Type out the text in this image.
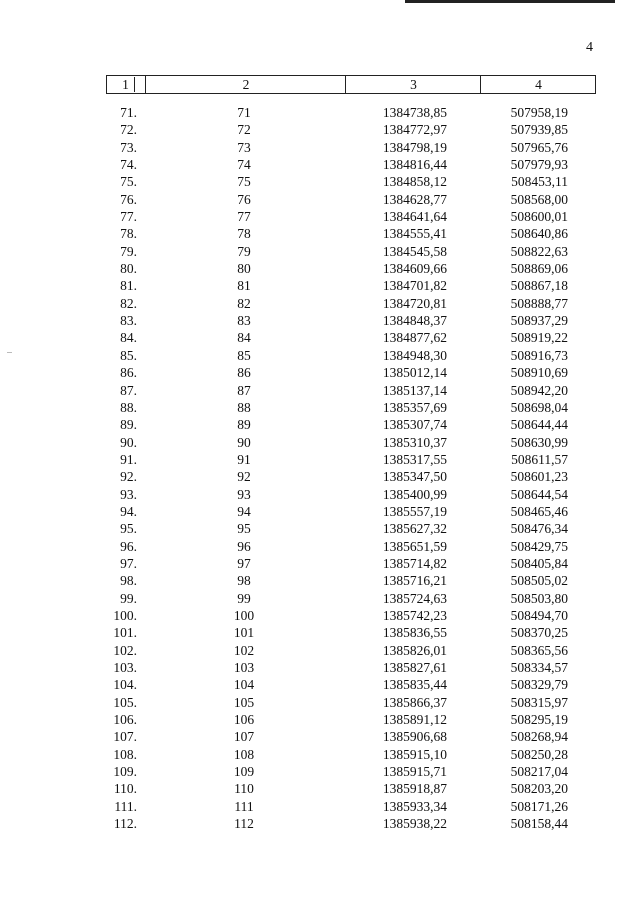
4
1	2	3	4
71.	71	1384738,85	507958,19
72.	72	1384772,97	507939,85
73.	73	1384798,19	507965,76
74.	74	1384816,44	507979,93
75.	75	1384858,12	508453,11
76.	76	1384628,77	508568,00
77.	77	1384641,64	508600,01
78.	78	1384555,41	508640,86
79.	79	1384545,58	508822,63
80.	80	1384609,66	508869,06
81.	81	1384701,82	508867,18
82.	82	1384720,81	508888,77
83.	83	1384848,37	508937,29
84.	84	1384877,62	508919,22
85.	85	1384948,30	508916,73
86.	86	1385012,14	508910,69
87.	87	1385137,14	508942,20
88.	88	1385357,69	508698,04
89.	89	1385307,74	508644,44
90.	90	1385310,37	508630,99
91.	91	1385317,55	508611,57
92.	92	1385347,50	508601,23
93.	93	1385400,99	508644,54
94.	94	1385557,19	508465,46
95.	95	1385627,32	508476,34
96.	96	1385651,59	508429,75
97.	97	1385714,82	508405,84
98.	98	1385716,21	508505,02
99.	99	1385724,63	508503,80
100.	100	1385742,23	508494,70
101.	101	1385836,55	508370,25
102.	102	1385826,01	508365,56
103.	103	1385827,61	508334,57
104.	104	1385835,44	508329,79
105.	105	1385866,37	508315,97
106.	106	1385891,12	508295,19
107.	107	1385906,68	508268,94
108.	108	1385915,10	508250,28
109.	109	1385915,71	508217,04
110.	110	1385918,87	508203,20
111.	111	1385933,34	508171,26
112.	112	1385938,22	508158,44
